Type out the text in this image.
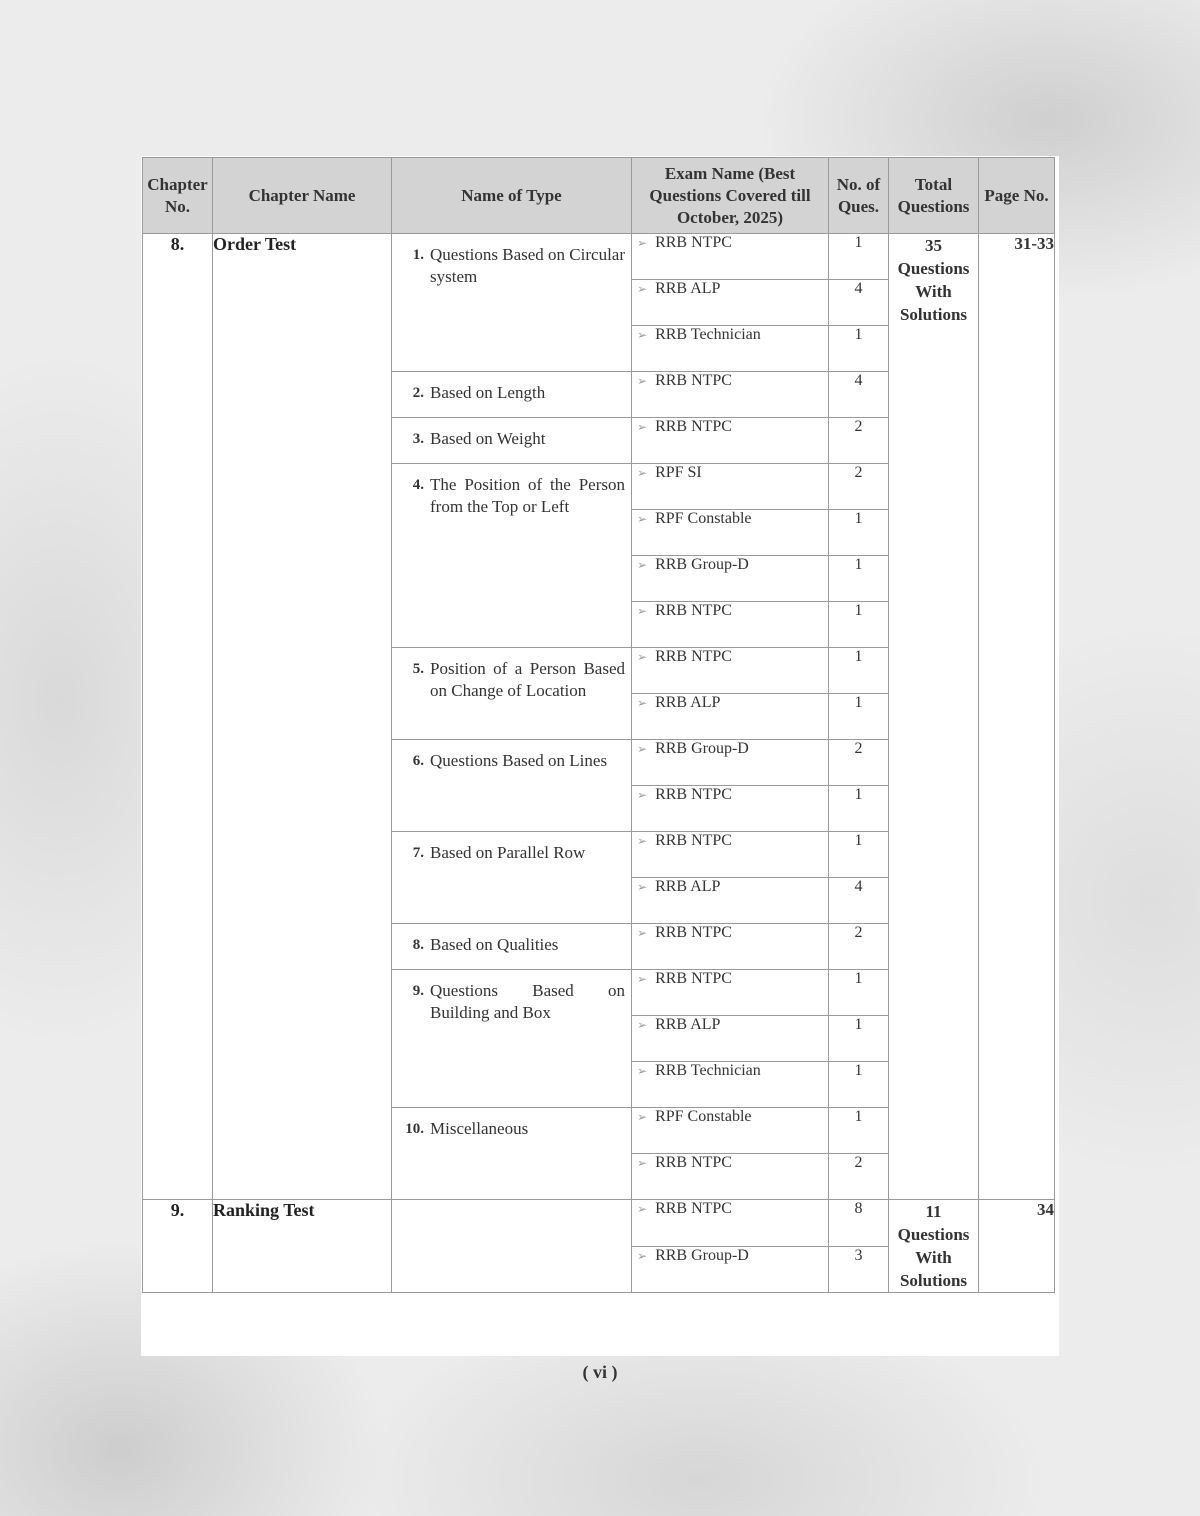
Chapter No.	Chapter Name	Name of Type	Exam Name (Best Questions Covered till October, 2025)	No. of Ques.	Total Questions	Page No.
8.	Order Test	1. Questions Based on Circular system	➢ RRB NTPC	1	35 Questions With Solutions	31-33
			➢ RRB ALP	4		
			➢ RRB Technician	1		

		2. Based on Length	➢ RRB NTPC	4		

		3. Based on Weight	➢ RRB NTPC	2		

		4. The Position of the Person from the Top or Left	➢ RPF SI	2		
			➢ RPF Constable	1		
			➢ RRB Group-D	1		
			➢ RRB NTPC	1		

		5. Position of a Person Based on Change of Location	➢ RRB NTPC	1		
			➢ RRB ALP	1		

		6. Questions Based on Lines	➢ RRB Group-D	2		
			➢ RRB NTPC	1		

		7. Based on Parallel Row	➢ RRB NTPC	1		
			➢ RRB ALP	4		

		8. Based on Qualities	➢ RRB NTPC	2		

		9. Questions Based on Building and Box	➢ RRB NTPC	1		
			➢ RRB ALP	1		
			➢ RRB Technician	1		

		10. Miscellaneous	➢ RPF Constable	1		
			➢ RRB NTPC	2		
9.	Ranking Test		➢ RRB NTPC	8	11 Questions With Solutions	34
			➢ RRB Group-D	3		
( vi )
